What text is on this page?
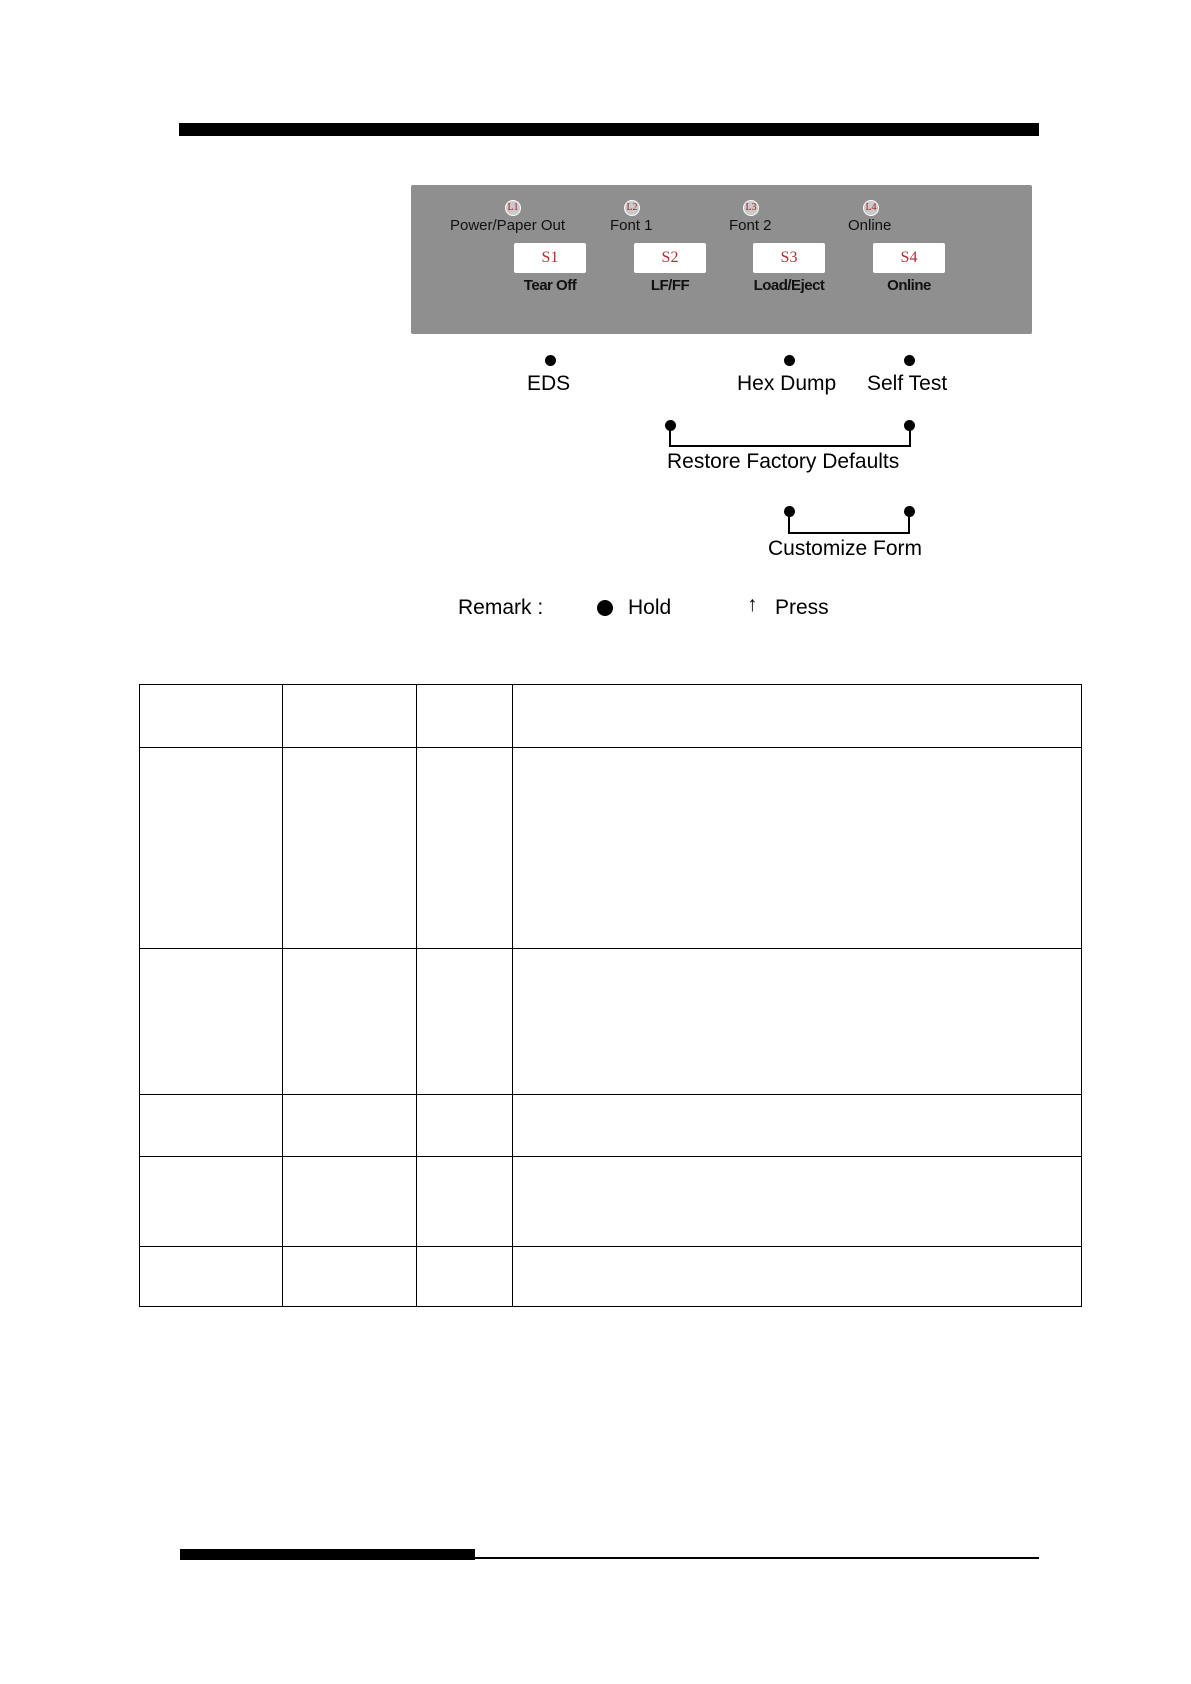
L1
Power/Paper Out
L2
Font 1
L3
Font 2
L4
Online
S1
Tear Off
S2
LF/FF
S3
Load/Eject
S4
Online
EDS	Hex Dump Self Test
Restore Factory Defaults
Customize Form
Remark :	Hold	↑ Press
